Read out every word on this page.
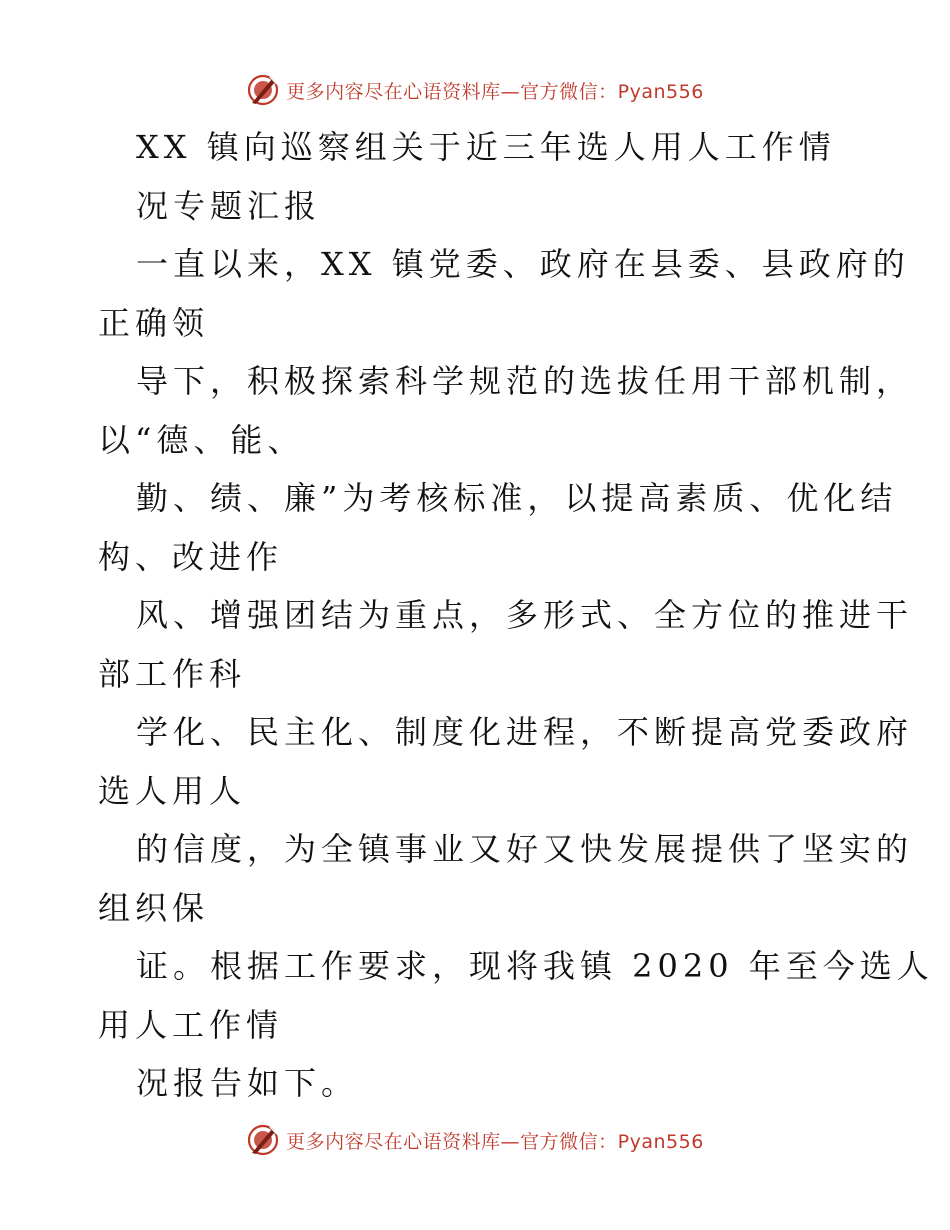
更多内容尽在心语资料库—官方微信：Pyan556
XX 镇向巡察组关于近三年选人用人工作情
况专题汇报
一直以来，XX 镇党委、政府在县委、县政府的
正确领
导下，积极探索科学规范的选拔任用干部机制，
以“德、能、
勤、绩、廉”为考核标准，以提高素质、优化结
构、改进作
风、增强团结为重点，多形式、全方位的推进干
部工作科
学化、民主化、制度化进程，不断提高党委政府
选人用人
的信度，为全镇事业又好又快发展提供了坚实的
组织保
证。根据工作要求，现将我镇 2020 年至今选人
用人工作情
况报告如下。
更多内容尽在心语资料库—官方微信：Pyan556
